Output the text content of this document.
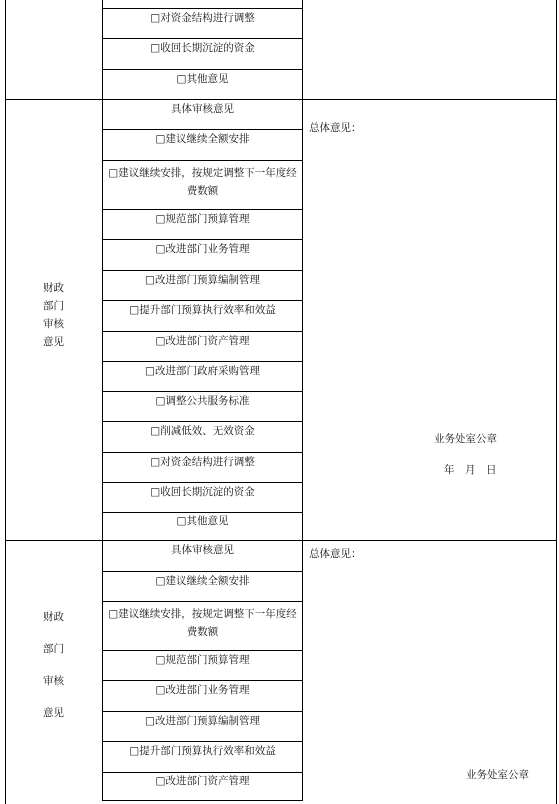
□对资金结构进行调整
□收回长期沉淀的资金
□其他意见
具体审核意见
□建议继续全额安排
□建议继续安排，按规定调整下一年度经费数额
□规范部门预算管理
□改进部门业务管理
□改进部门预算编制管理
□提升部门预算执行效率和效益
□改进部门资产管理
□改进部门政府采购管理
□调整公共服务标准
□削减低效、无效资金
□对资金结构进行调整
□收回长期沉淀的资金
□其他意见
具体审核意见
□建议继续全额安排
□建议继续安排，按规定调整下一年度经费数额
□规范部门预算管理
□改进部门业务管理
□改进部门预算编制管理
□提升部门预算执行效率和效益
□改进部门资产管理
财政
部门
审核
意见
财政
部门
审核
意见
总体意见：
业务处室公章
年　月　日
总体意见：
业务处室公章
